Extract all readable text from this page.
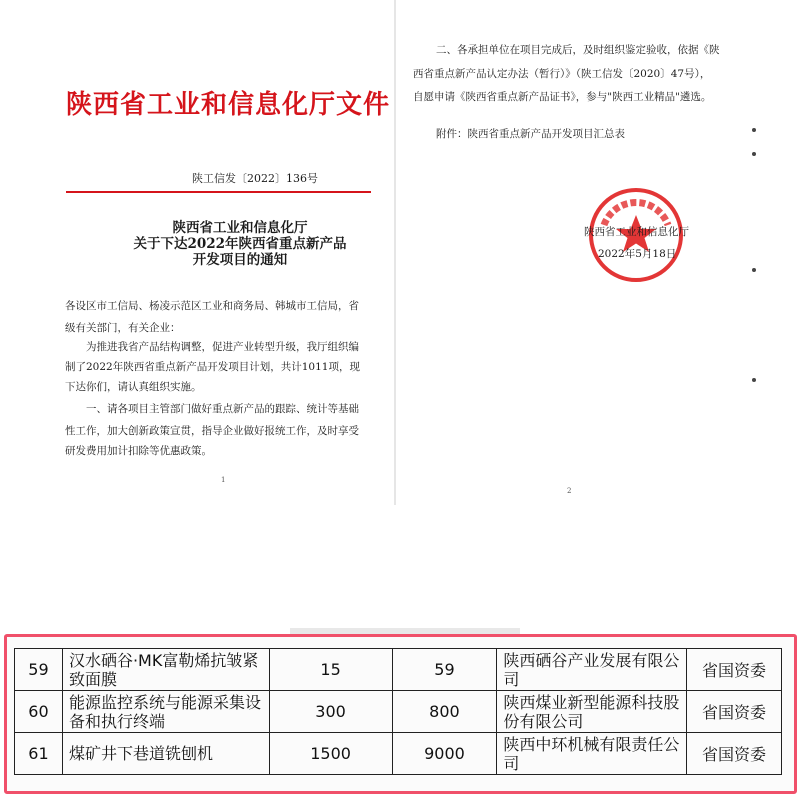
陕西省工业和信息化厅文件
陕工信发〔2022〕136号
陕西省工业和信息化厅
关于下达2022年陕西省重点新产品
开发项目的通知
各设区市工信局、杨凌示范区工业和商务局、韩城市工信局，省
级有关部门，有关企业：
为推进我省产品结构调整，促进产业转型升级，我厅组织编
制了2022年陕西省重点新产品开发项目计划，共计1011项，现
下达你们，请认真组织实施。
一、请各项目主管部门做好重点新产品的跟踪、统计等基础
性工作，加大创新政策宣贯，指导企业做好报统工作，及时享受
研发费用加计扣除等优惠政策。
1
二、各承担单位在项目完成后，及时组织鉴定验收，依据《陕
西省重点新产品认定办法（暂行）》（陕工信发〔2020〕47号），
自愿申请《陕西省重点新产品证书》，参与"陕西工业精品"遴选。
附件：陕西省重点新产品开发项目汇总表
陕西省工业和信息化厅
2022年5月18日
2
59	汉水硒谷·MK富勒烯抗皱紧致面膜	15	59	陕西硒谷产业发展有限公司	省国资委
60	能源监控系统与能源采集设备和执行终端	300	800	陕西煤业新型能源科技股份有限公司	省国资委
61	煤矿井下巷道铣刨机	1500	9000	陕西中环机械有限责任公司	省国资委
